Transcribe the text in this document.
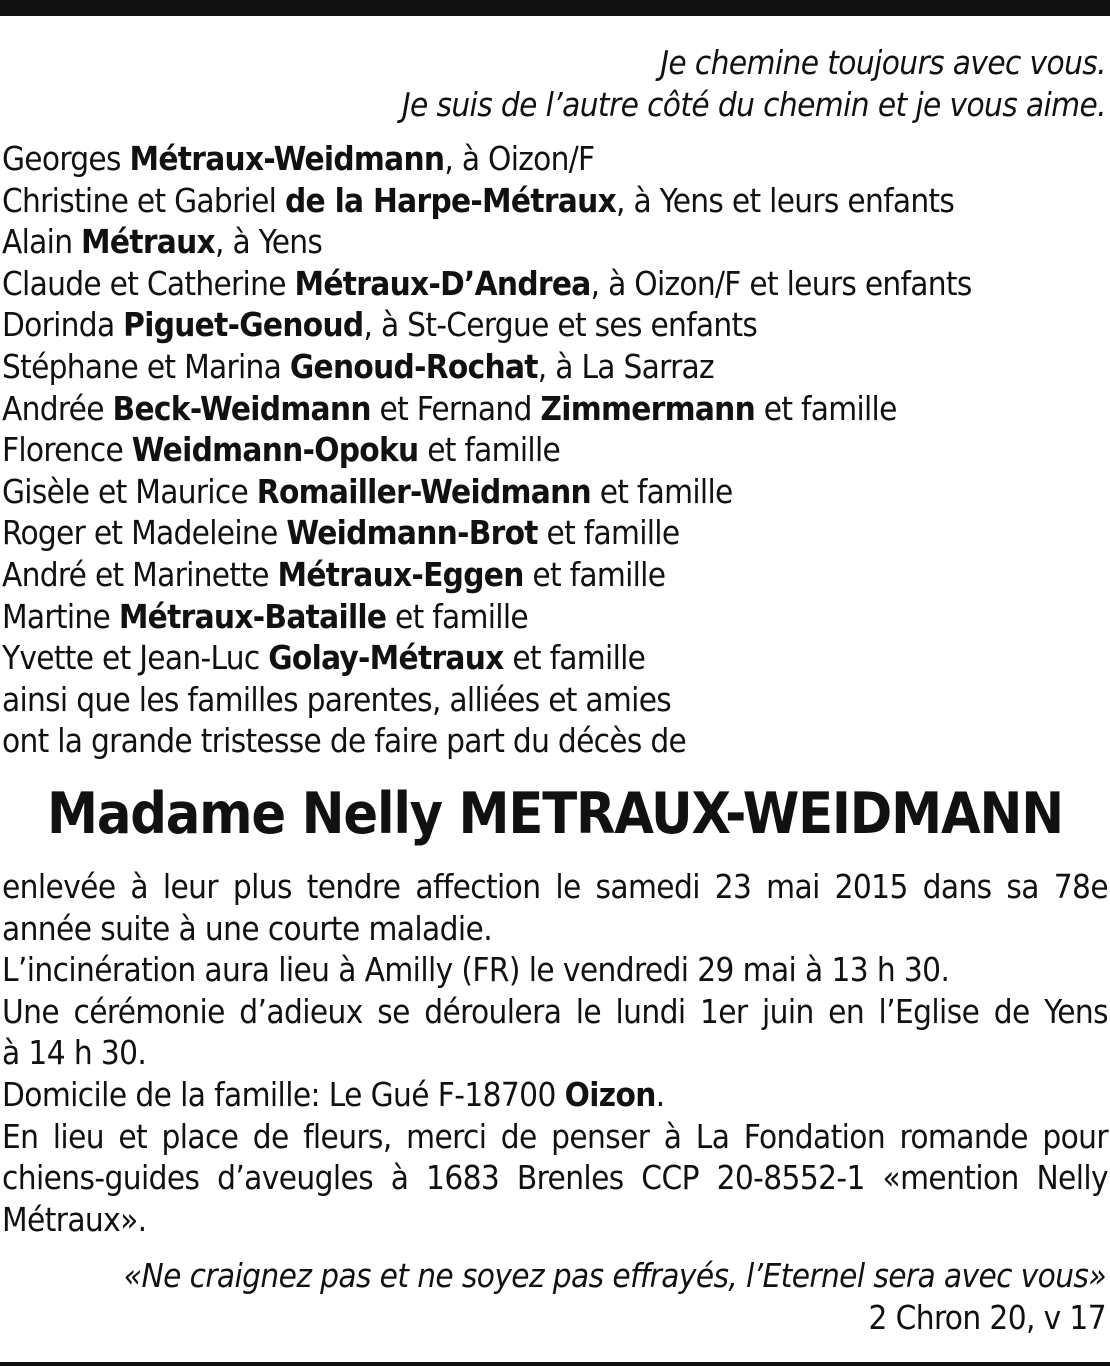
Je chemine toujours avec vous.
Je suis de l’autre côté du chemin et je vous aime.
Georges Métraux-Weidmann, à Oizon/F
Christine et Gabriel de la Harpe-Métraux, à Yens et leurs enfants
Alain Métraux, à Yens
Claude et Catherine Métraux-D’Andrea, à Oizon/F et leurs enfants
Dorinda Piguet-Genoud, à St-Cergue et ses enfants
Stéphane et Marina Genoud-Rochat, à La Sarraz
Andrée Beck-Weidmann et Fernand Zimmermann et famille
Florence Weidmann-Opoku et famille
Gisèle et Maurice Romailler-Weidmann et famille
Roger et Madeleine Weidmann-Brot et famille
André et Marinette Métraux-Eggen et famille
Martine Métraux-Bataille et famille
Yvette et Jean-Luc Golay-Métraux et famille
ainsi que les familles parentes, alliées et amies
ont la grande tristesse de faire part du décès de
Madame Nelly METRAUX-WEIDMANN
enlevée à leur plus tendre affection le samedi 23 mai 2015 dans sa 78e
année suite à une courte maladie.
L’incinération aura lieu à Amilly (FR) le vendredi 29 mai à 13 h 30.
Une cérémonie d’adieux se déroulera le lundi 1er juin en l’Eglise de Yens
à 14 h 30.
Domicile de la famille: Le Gué F-18700 Oizon.
En lieu et place de fleurs, merci de penser à La Fondation romande pour
chiens-guides d’aveugles à 1683 Brenles CCP 20-8552-1 «mention Nelly
Métraux».
«Ne craignez pas et ne soyez pas effrayés, l’Eternel sera avec vous»
2 Chron 20, v 17
